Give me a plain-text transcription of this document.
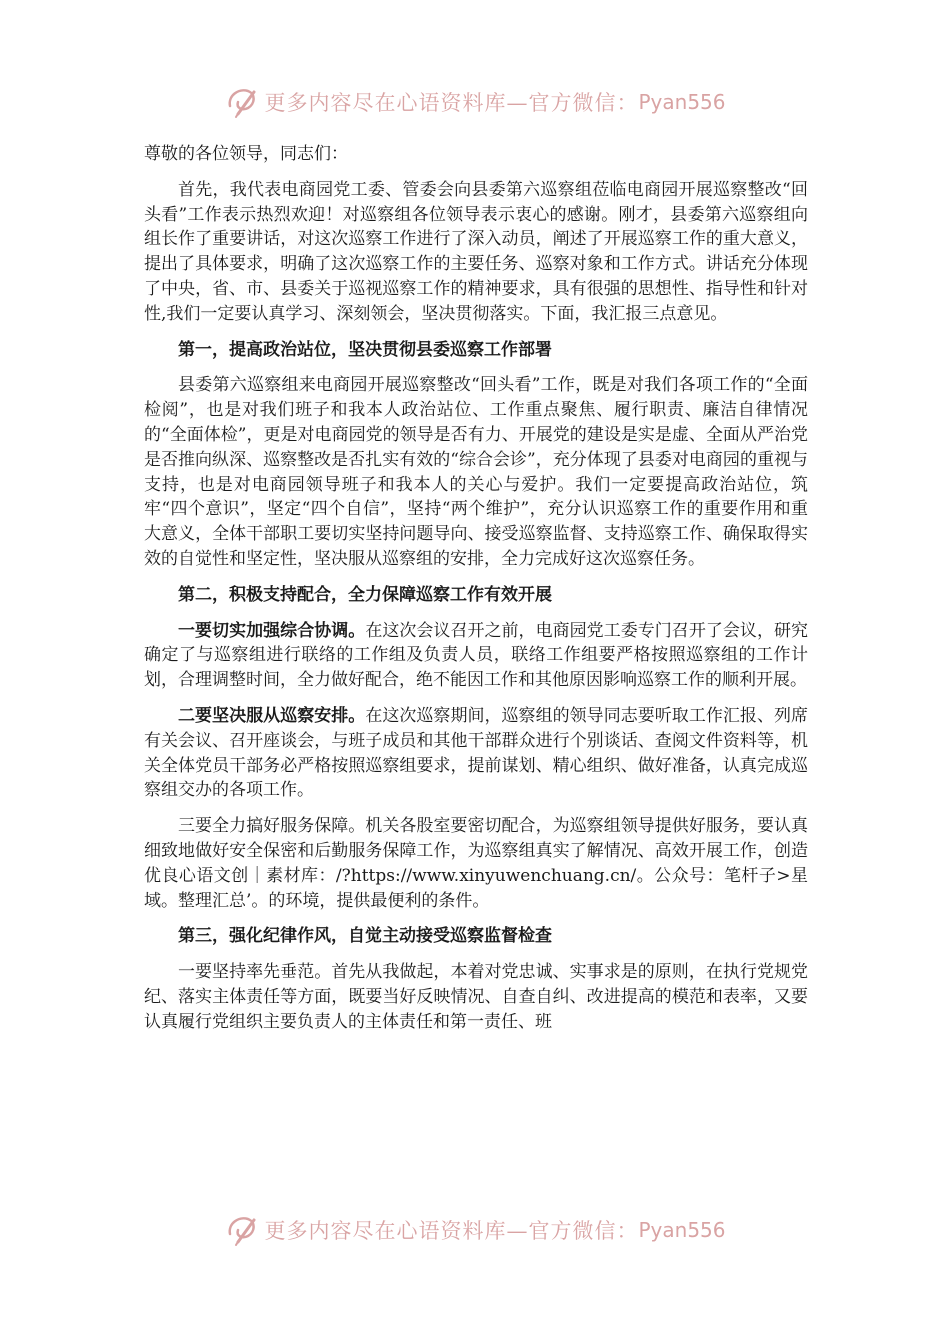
更多内容尽在心语资料库—官方微信： Pyan556

尊敬的各位领导，同志们：

首先，我代表电商园党工委、管委会向县委第六巡察组莅临电商园开展巡察整改“回头看”工作表示热烈欢迎！对巡察组各位领导表示衷心的感谢。刚才，县委第六巡察组向组长作了重要讲话，对这次巡察工作进行了深入动员，阐述了开展巡察工作的重大意义，提出了具体要求，明确了这次巡察工作的主要任务、巡察对象和工作方式。讲话充分体现了中央，省、市、县委关于巡视巡察工作的精神要求，具有很强的思想性、指导性和针对性,我们一定要认真学习、深刻领会，坚决贯彻落实。下面，我汇报三点意见。

第一，提高政治站位，坚决贯彻县委巡察工作部署

县委第六巡察组来电商园开展巡察整改“回头看”工作，既是对我们各项工作的“全面检阅”，也是对我们班子和我本人政治站位、工作重点聚焦、履行职责、廉洁自律情况的“全面体检”，更是对电商园党的领导是否有力、开展党的建设是实是虚、全面从严治党是否推向纵深、巡察整改是否扎实有效的“综合会诊”，充分体现了县委对电商园的重视与支持，也是对电商园领导班子和我本人的关心与爱护。我们一定要提高政治站位，筑牢“四个意识”，坚定“四个自信”，坚持“两个维护”，充分认识巡察工作的重要作用和重大意义，全体干部职工要切实坚持问题导向、接受巡察监督、支持巡察工作、确保取得实效的自觉性和坚定性，坚决服从巡察组的安排，全力完成好这次巡察任务。

第二，积极支持配合，全力保障巡察工作有效开展

一要切实加强综合协调。在这次会议召开之前，电商园党工委专门召开了会议，研究确定了与巡察组进行联络的工作组及负责人员，联络工作组要严格按照巡察组的工作计划，合理调整时间，全力做好配合，绝不能因工作和其他原因影响巡察工作的顺利开展。

二要坚决服从巡察安排。在这次巡察期间，巡察组的领导同志要听取工作汇报、列席有关会议、召开座谈会，与班子成员和其他干部群众进行个别谈话、查阅文件资料等，机关全体党员干部务必严格按照巡察组要求，提前谋划、精心组织、做好准备，认真完成巡察组交办的各项工作。

三要全力搞好服务保障。机关各股室要密切配合，为巡察组领导提供好服务，要认真细致地做好安全保密和后勤服务保障工作，为巡察组真实了解情况、高效开展工作，创造优良心语文创｜素材库：/?https://www.xinyuwenchuang.cn/。公众号：笔杆子>星域。整理汇总’。的环境，提供最便利的条件。

第三，强化纪律作风，自觉主动接受巡察监督检查

一要坚持率先垂范。首先从我做起，本着对党忠诚、实事求是的原则，在执行党规党纪、落实主体责任等方面，既要当好反映情况、自查自纠、改进提高的模范和表率，又要认真履行党组织主要负责人的主体责任和第一责任、班

更多内容尽在心语资料库—官方微信： Pyan556
